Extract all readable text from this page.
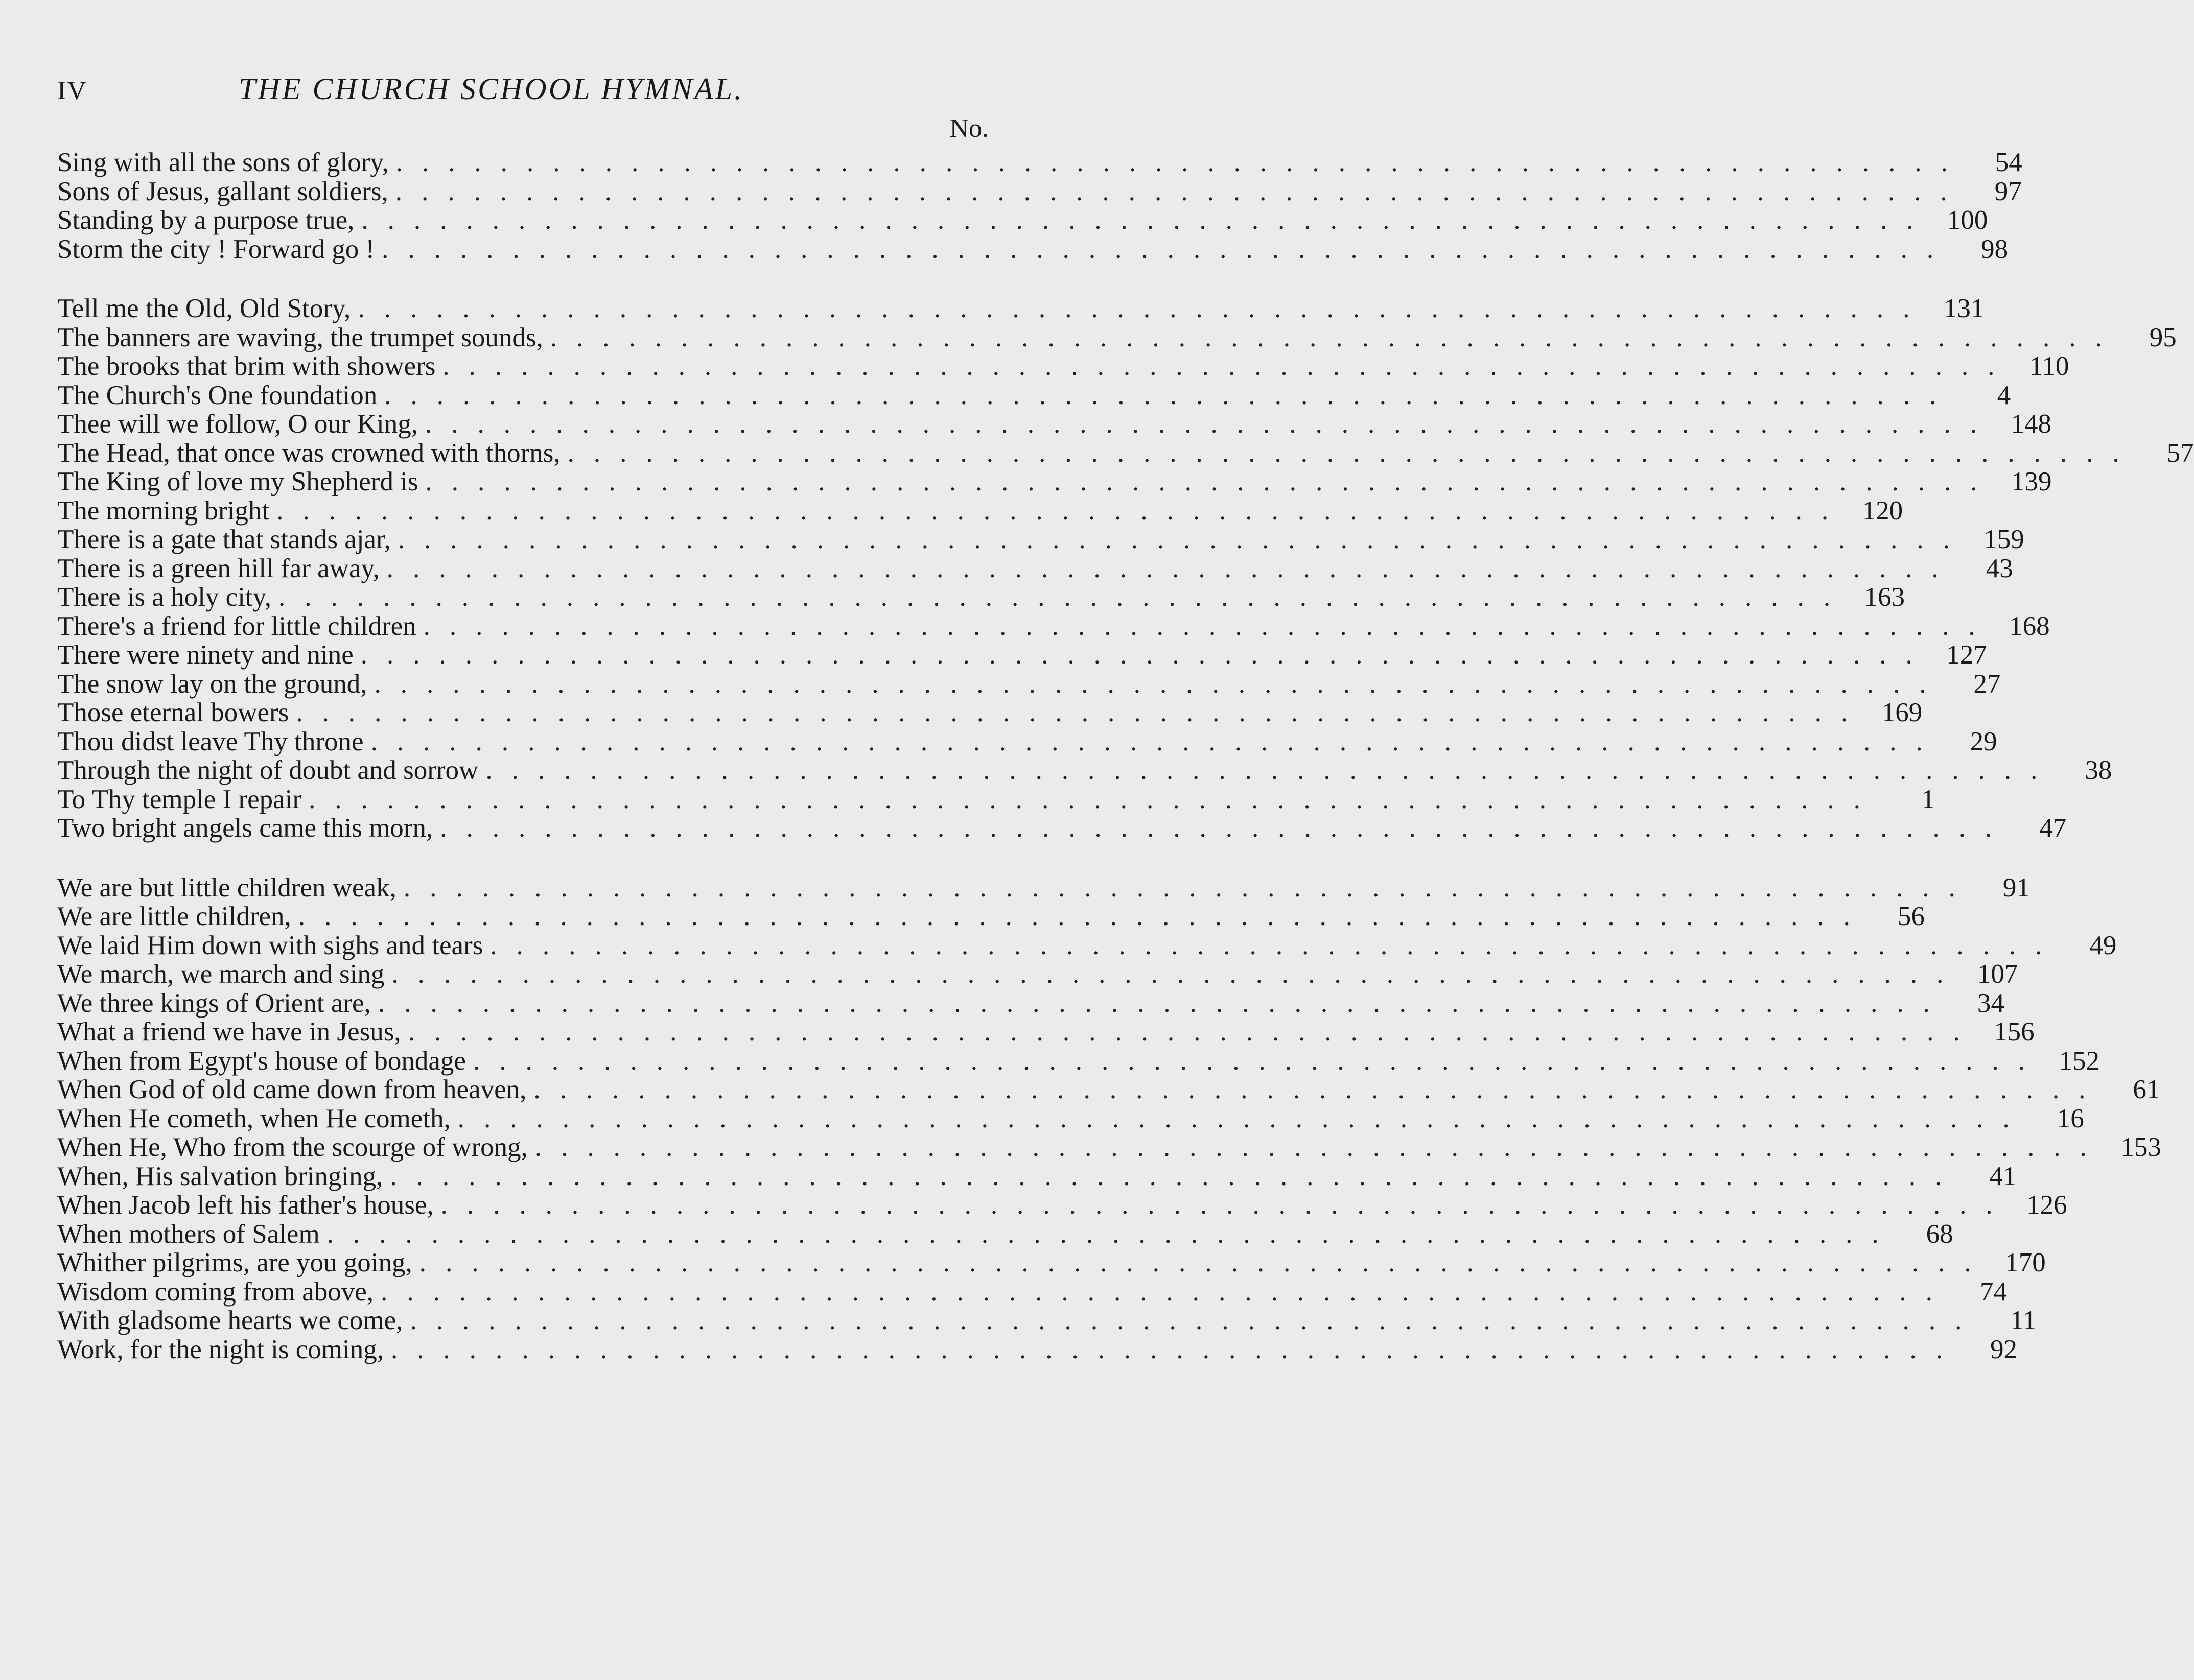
IV	THE CHURCH SCHOOL HYMNAL.
No.
Sing with all the sons of glory, ............................................................	54
Sons of Jesus, gallant soldiers, ............................................................	97
Standing by a purpose true, ............................................................ 100
Storm the city ! Forward go ! ............................................................	98
Tell me the Old, Old Story, ............................................................ 131
The banners are waving, the trumpet sounds, ............................................................	95
The brooks that brim with showers ............................................................ 110
The Church's One foundation ............................................................	4
Thee will we follow, O our King, ............................................................ 148
The Head, that once was crowned with thorns, ............................................................	57
The King of love my Shepherd is ............................................................ 139
The morning bright ............................................................ 120
There is a gate that stands ajar, ............................................................ 159
There is a green hill far away, ............................................................	43
There is a holy city, ............................................................ 163
There's a friend for little children ............................................................ 168
There were ninety and nine ............................................................ 127
The snow lay on the ground, ............................................................	27
Those eternal bowers ............................................................ 169
Thou didst leave Thy throne ............................................................	29
Through the night of doubt and sorrow ............................................................	38
To Thy temple I repair ............................................................	1
Two bright angels came this morn, ............................................................	47
We are but little children weak, ............................................................	91
We are little children, ............................................................	56
We laid Him down with sighs and tears ............................................................	49
We march, we march and sing ............................................................ 107
We three kings of Orient are, ............................................................	34
What a friend we have in Jesus, ............................................................ 156
When from Egypt's house of bondage ............................................................ 152
When God of old came down from heaven, ............................................................	61
When He cometh, when He cometh, ............................................................	16
When He, Who from the scourge of wrong, ............................................................ 153
When, His salvation bringing, ............................................................	41
When Jacob left his father's house, ............................................................ 126
When mothers of Salem ............................................................	68
Whither pilgrims, are you going, ............................................................ 170
Wisdom coming from above, ............................................................	74
With gladsome hearts we come, ............................................................	11
Work, for the night is coming, ............................................................	92
